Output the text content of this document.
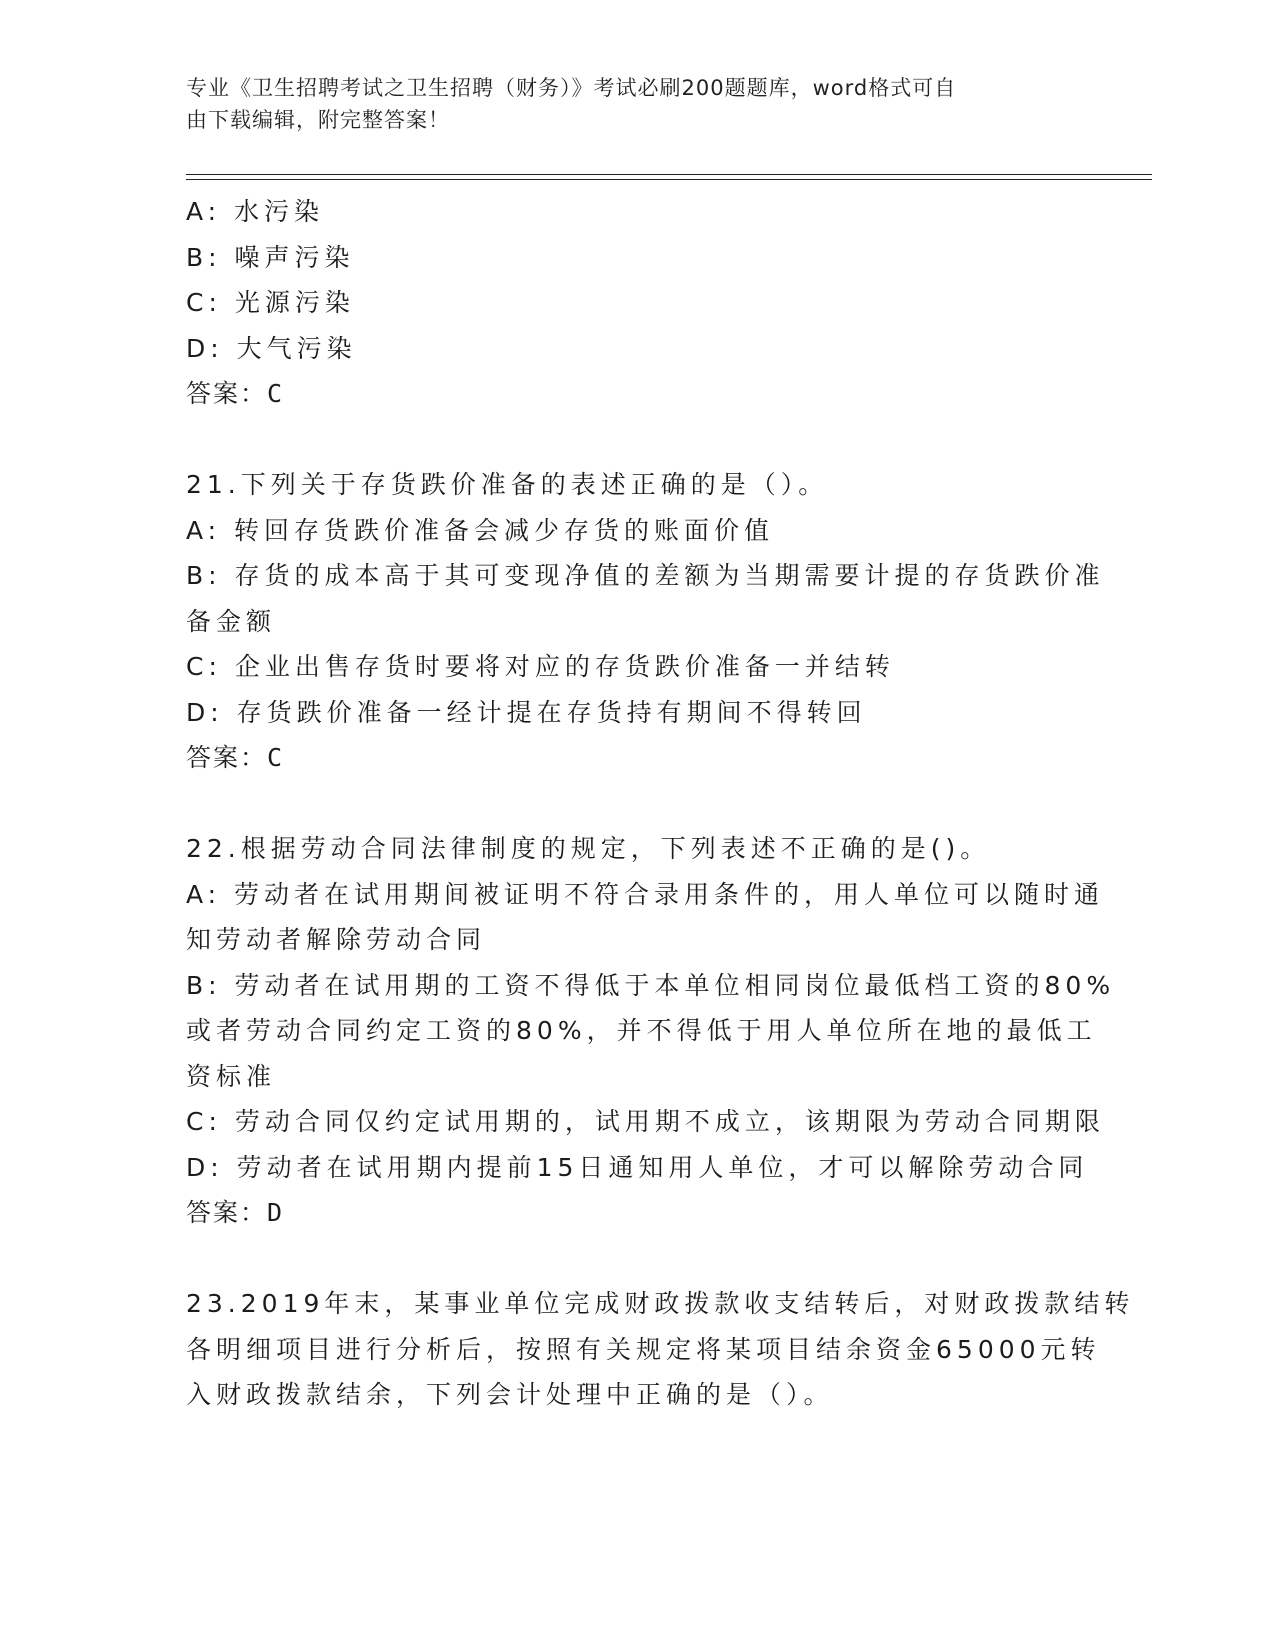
专业《卫生招聘考试之卫生招聘（财务）》考试必刷200题题库，word格式可自

由下载编辑，附完整答案！

A: 水污染

B: 噪声污染

C: 光源污染

D: 大气污染

答案：C

21.下列关于存货跌价准备的表述正确的是（）。

A: 转回存货跌价准备会减少存货的账面价值

B: 存货的成本高于其可变现净值的差额为当期需要计提的存货跌价准

备金额

C: 企业出售存货时要将对应的存货跌价准备一并结转

D: 存货跌价准备一经计提在存货持有期间不得转回

答案：C

22.根据劳动合同法律制度的规定，下列表述不正确的是()。

A: 劳动者在试用期间被证明不符合录用条件的，用人单位可以随时通

知劳动者解除劳动合同

B: 劳动者在试用期的工资不得低于本单位相同岗位最低档工资的80%

或者劳动合同约定工资的80%，并不得低于用人单位所在地的最低工

资标准

C: 劳动合同仅约定试用期的，试用期不成立，该期限为劳动合同期限

D: 劳动者在试用期内提前15日通知用人单位，才可以解除劳动合同

答案：D

23.2019年末，某事业单位完成财政拨款收支结转后，对财政拨款结转

各明细项目进行分析后，按照有关规定将某项目结余资金65000元转

入财政拨款结余，下列会计处理中正确的是（）。
